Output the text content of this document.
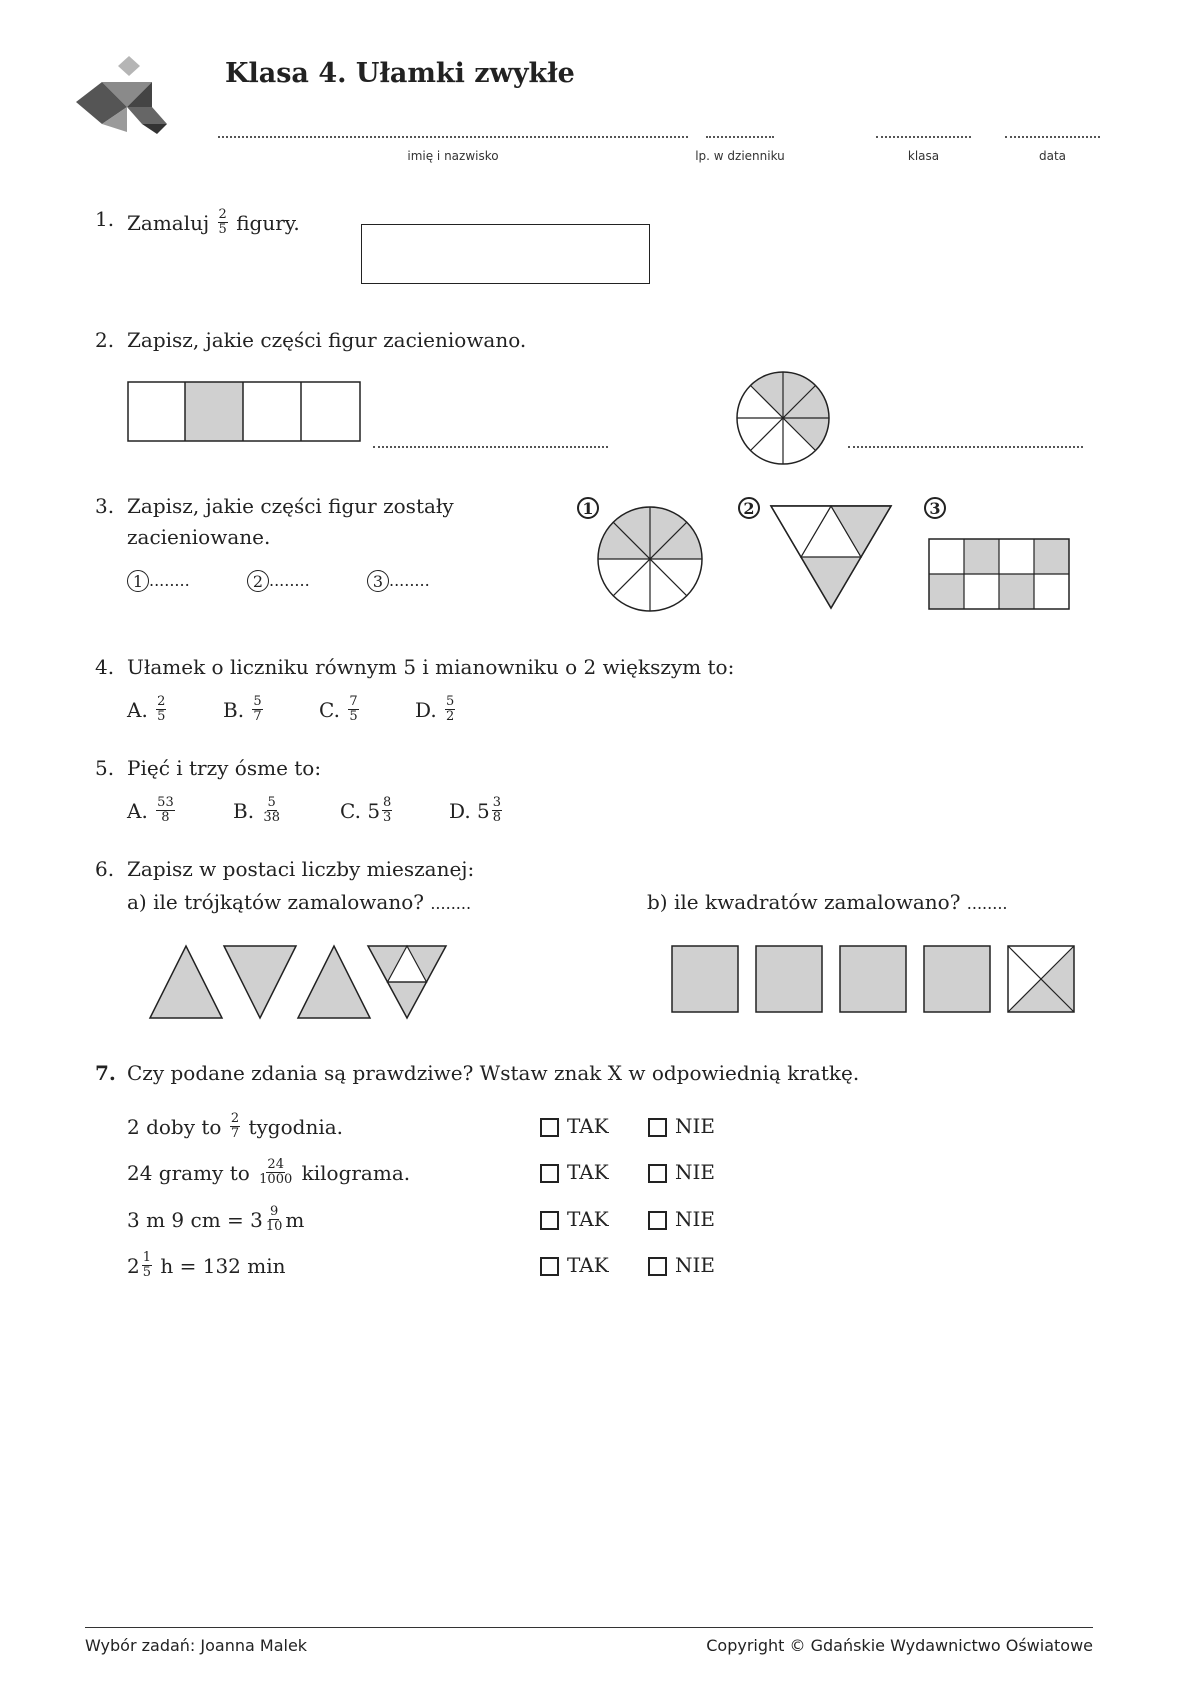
Klasa 4. Ułamki zwykłe
imię i nazwisko	lp. w dzienniku	klasa	data
1. Zamaluj $\frac{2}{5}$ figury.
2. Zapisz, jakie części figur zacieniowano.
3. Zapisz, jakie części figur zostały
zacieniowane.
1 ........	2 ........	3 ........
1	2	3
4. Ułamek o liczniku równym 5 i mianowniku o 2 większym to:
A. $\frac{2}{5}$	B. $\frac{5}{7}$	C. $\frac{7}{5}$	D. $\frac{5}{2}$
5. Pięć i trzy ósme to:
A. $\frac{53}{8}$	B. $\frac{5}{38}$	C. $5 \frac{8}{3}$	D. $5 \frac{3}{8}$
6. Zapisz w postaci liczby mieszanej:
a) ile trójkątów zamalowano? ........	b) ile kwadratów zamalowano? ........
7. Czy podane zdania są prawdziwe? Wstaw znak X w odpowiednią kratkę.
2 doby to $\frac{2}{7}$ tygodnia.
24 gramy to $\frac{24}{1000}$ kilograma.
3 m 9 cm = $3 \frac{9}{10}$ m
$2 \frac{1}{5}$ h = 132 min
TAK	NIE
TAK	NIE
TAK	NIE
TAK	NIE
Wybór zadań: Joanna Malek	Copyright © Gdańskie Wydawnictwo Oświatowe
